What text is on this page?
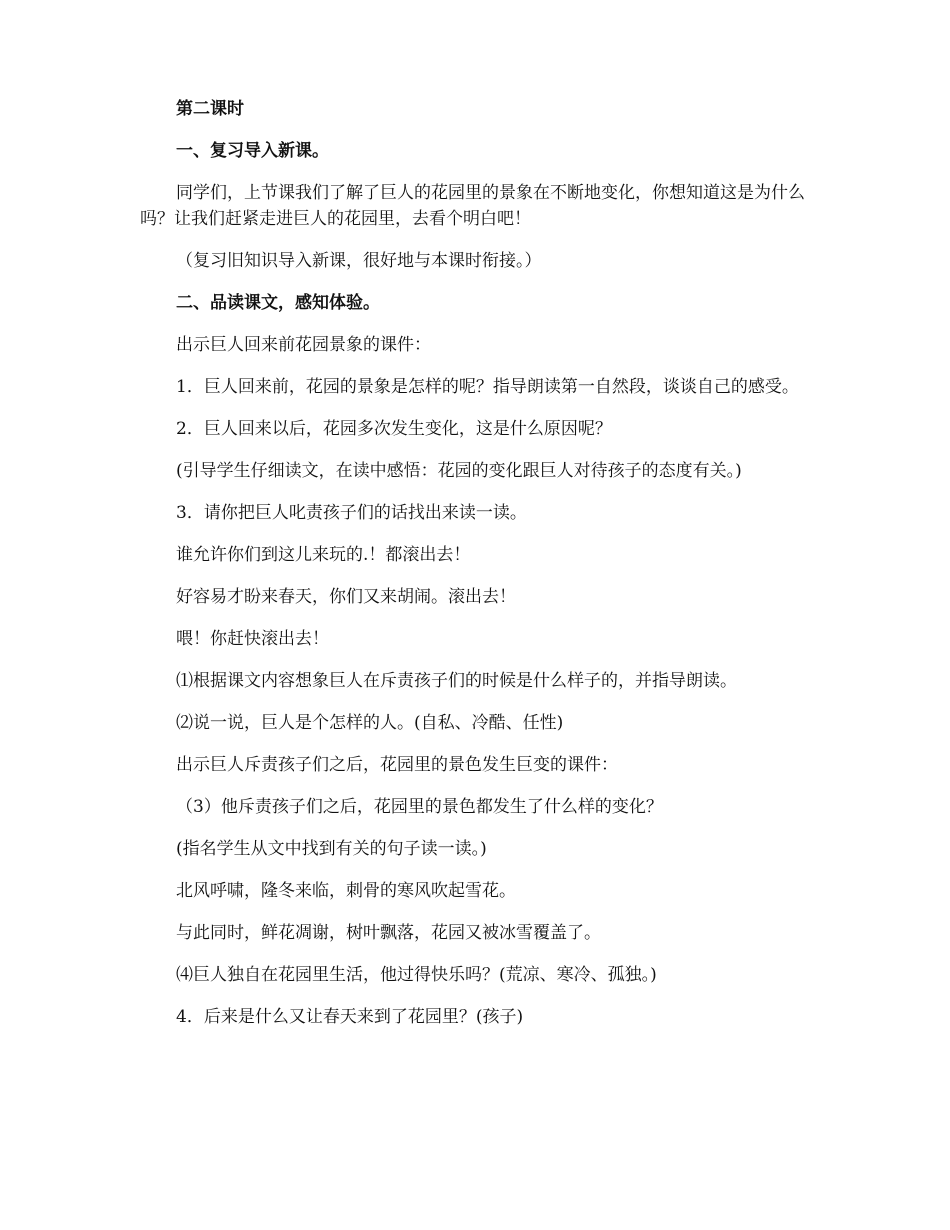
第二课时

一、复习导入新课。

同学们，上节课我们了解了巨人的花园里的景象在不断地变化，你想知道这是为什么吗？让我们赶紧走进巨人的花园里，去看个明白吧！

（复习旧知识导入新课，很好地与本课时衔接。）

二、品读课文，感知体验。

出示巨人回来前花园景象的课件：

1．巨人回来前，花园的景象是怎样的呢？指导朗读第一自然段，谈谈自己的感受。

2．巨人回来以后，花园多次发生变化，这是什么原因呢？

(引导学生仔细读文，在读中感悟：花园的变化跟巨人对待孩子的态度有关。)

3．请你把巨人叱责孩子们的话找出来读一读。

谁允许你们到这儿来玩的.！都滚出去！

好容易才盼来春天，你们又来胡闹。滚出去！

喂！你赶快滚出去！

⑴根据课文内容想象巨人在斥责孩子们的时候是什么样子的，并指导朗读。

⑵说一说，巨人是个怎样的人。(自私、冷酷、任性)

出示巨人斥责孩子们之后，花园里的景色发生巨变的课件：

（3）他斥责孩子们之后，花园里的景色都发生了什么样的变化？

(指名学生从文中找到有关的句子读一读。)

北风呼啸，隆冬来临，刺骨的寒风吹起雪花。

与此同时，鲜花凋谢，树叶飘落，花园又被冰雪覆盖了。

⑷巨人独自在花园里生活，他过得快乐吗？(荒凉、寒冷、孤独。)

4．后来是什么又让春天来到了花园里？(孩子)
